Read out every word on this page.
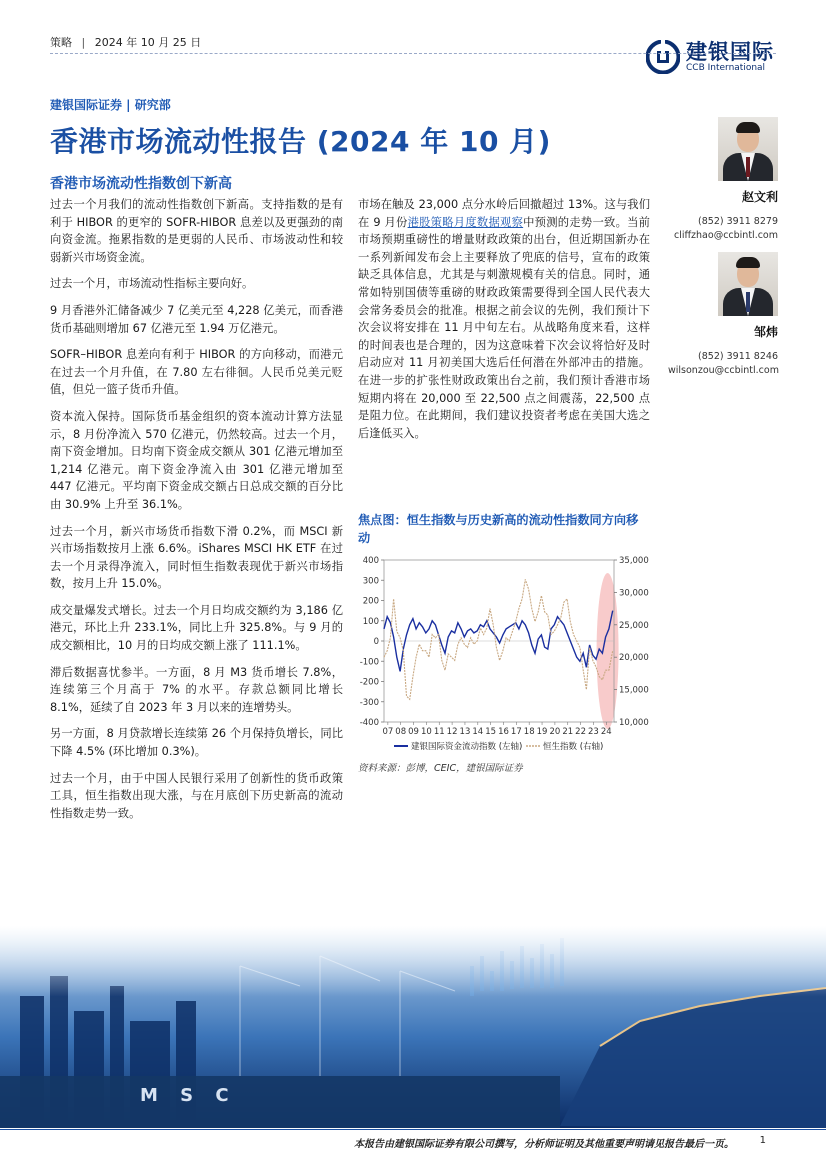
策略 | 2024 年 10 月 25 日	建银国际
CCB International
建银国际证券 | 研究部
香港市场流动性报告 (2024 年 10 月)
香港市场流动性指数创下新高

过去一个月我们的流动性指数创下新高。支持指数的是有利于 HIBOR 的更窄的 SOFR-HIBOR 息差以及更强劲的南向资金流。拖累指数的是更弱的人民币、市场波动性和较弱新兴市场资金流。

过去一个月，市场流动性指标主要向好。

9 月香港外汇储备减少 7 亿美元至 4,228 亿美元，而香港货币基础则增加 67 亿港元至 1.94 万亿港元。

SOFR–HIBOR 息差向有利于 HIBOR 的方向移动，而港元在过去一个月升值，在 7.80 左右徘徊。人民币兑美元贬值，但兑一篮子货币升值。

资本流入保持。国际货币基金组织的资本流动计算方法显示，8 月份净流入 570 亿港元，仍然较高。过去一个月，南下资金增加。日均南下资金成交额从 301 亿港元增加至 1,214 亿港元。南下资金净流入由 301 亿港元增加至 447 亿港元。平均南下资金成交额占日总成交额的百分比由 30.9% 上升至 36.1%。

过去一个月，新兴市场货币指数下滑 0.2%，而 MSCI 新兴市场指数按月上涨 6.6%。iShares MSCI HK ETF 在过去一个月录得净流入，同时恒生指数表现优于新兴市场指数，按月上升 15.0%。

成交量爆发式增长。过去一个月日均成交额约为 3,186 亿港元，环比上升 233.1%，同比上升 325.8%。与 9 月的成交额相比，10 月的日均成交额上涨了 111.1%。

滞后数据喜忧参半。一方面，8 月 M3 货币增长 7.8%，连续第三个月高于 7% 的水平。存款总额同比增长 8.1%，延续了自 2023 年 3 月以来的连增势头。

另一方面，8 月贷款增长连续第 26 个月保持负增长，同比下降 4.5% (环比增加 0.3%)。

过去一个月，由于中国人民银行采用了创新性的货币政策工具，恒生指数出现大涨，与在月底创下历史新高的流动性指数走势一致。

市场在触及 23,000 点分水岭后回撤超过 13%。这与我们在 9 月份港股策略月度数据观察中预测的走势一致。当前市场预期重磅性的增量财政政策的出台，但近期国新办在一系列新闻发布会上主要释放了兜底的信号，宣布的政策缺乏具体信息，尤其是与刺激规模有关的信息。同时，通常如特别国债等重磅的财政政策需要得到全国人民代表大会常务委员会的批准。根据之前会议的先例，我们预计下次会议将安排在 11 月中旬左右。从战略角度来看，这样的时间表也是合理的，因为这意味着下次会议将恰好及时启动应对 11 月初美国大选后任何潜在外部冲击的措施。在进一步的扩张性财政政策出台之前，我们预计香港市场短期内将在 20,000 至 22,500 点之间震荡，22,500 点是阻力位。在此期间，我们建议投资者考虑在美国大选之后逢低买入。

赵文利
(852) 3911 8279
cliffzhao@ccbintl.com
邹炜
(852) 3911 8246
wilsonzou@ccbintl.com
焦点图：恒生指数与历史新高的流动性指数同方向移动
400
300
200
100
0
-100
-200
-300
-400
35,000
30,000
25,000
20,000
15,000
10,000
07 08 09 10 11 12 13 14 15 16 17 18 19 20 21 22 23 24
建银国际资金流动指数 (左轴) 恒生指数 (右轴)
资料来源：彭博，CEIC，建银国际证券
本报告由建银国际证券有限公司撰写，分析师证明及其他重要声明请见报告最后一页。	1
